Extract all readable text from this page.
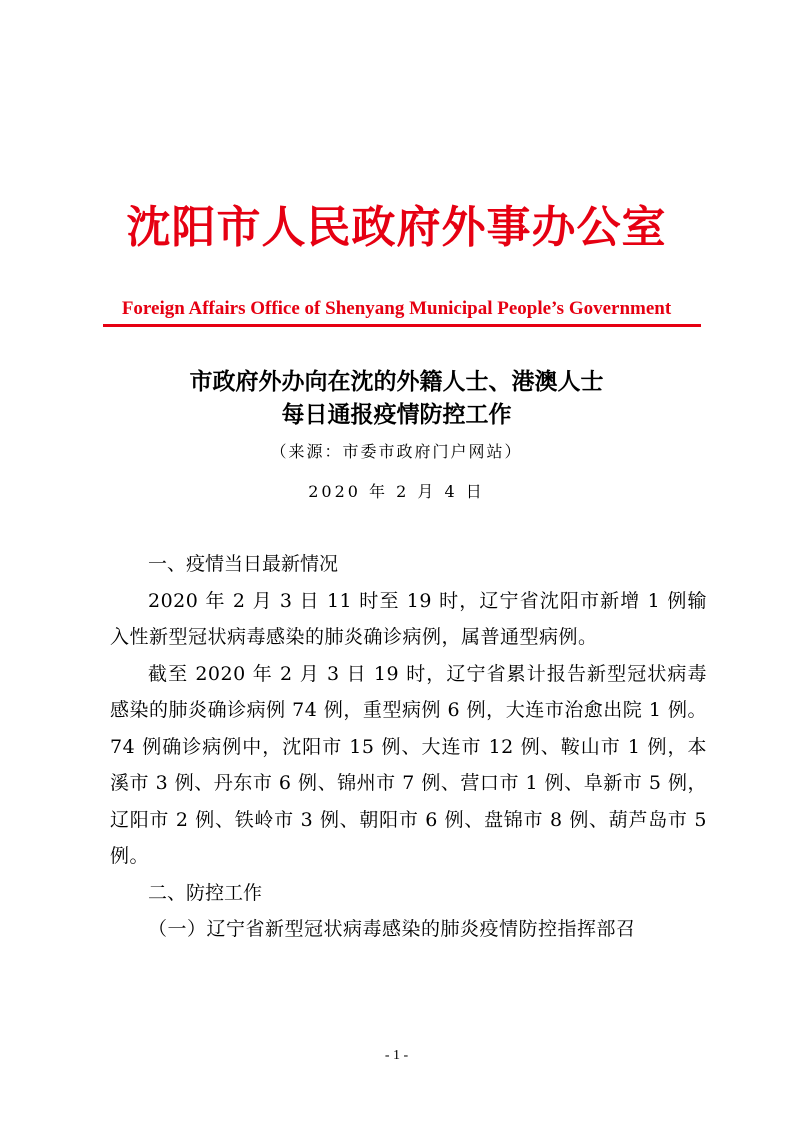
沈阳市人民政府外事办公室
Foreign Affairs Office of Shenyang Municipal People’s Government
市政府外办向在沈的外籍人士、港澳人士
每日通报疫情防控工作
（来源：市委市政府门户网站）
2020 年 2 月 4 日

一、疫情当日最新情况

2020 年 2 月 3 日 11 时至 19 时，辽宁省沈阳市新增 1 例输入性新型冠状病毒感染的肺炎确诊病例，属普通型病例。

截至 2020 年 2 月 3 日 19 时，辽宁省累计报告新型冠状病毒感染的肺炎确诊病例 74 例，重型病例 6 例，大连市治愈出院 1 例。74 例确诊病例中，沈阳市 15 例、大连市 12 例、鞍山市 1 例，本溪市 3 例、丹东市 6 例、锦州市 7 例、营口市 1 例、阜新市 5 例，辽阳市 2 例、铁岭市 3 例、朝阳市 6 例、盘锦市 8 例、葫芦岛市 5 例。

二、防控工作

（一）辽宁省新型冠状病毒感染的肺炎疫情防控指挥部召

- 1 -
